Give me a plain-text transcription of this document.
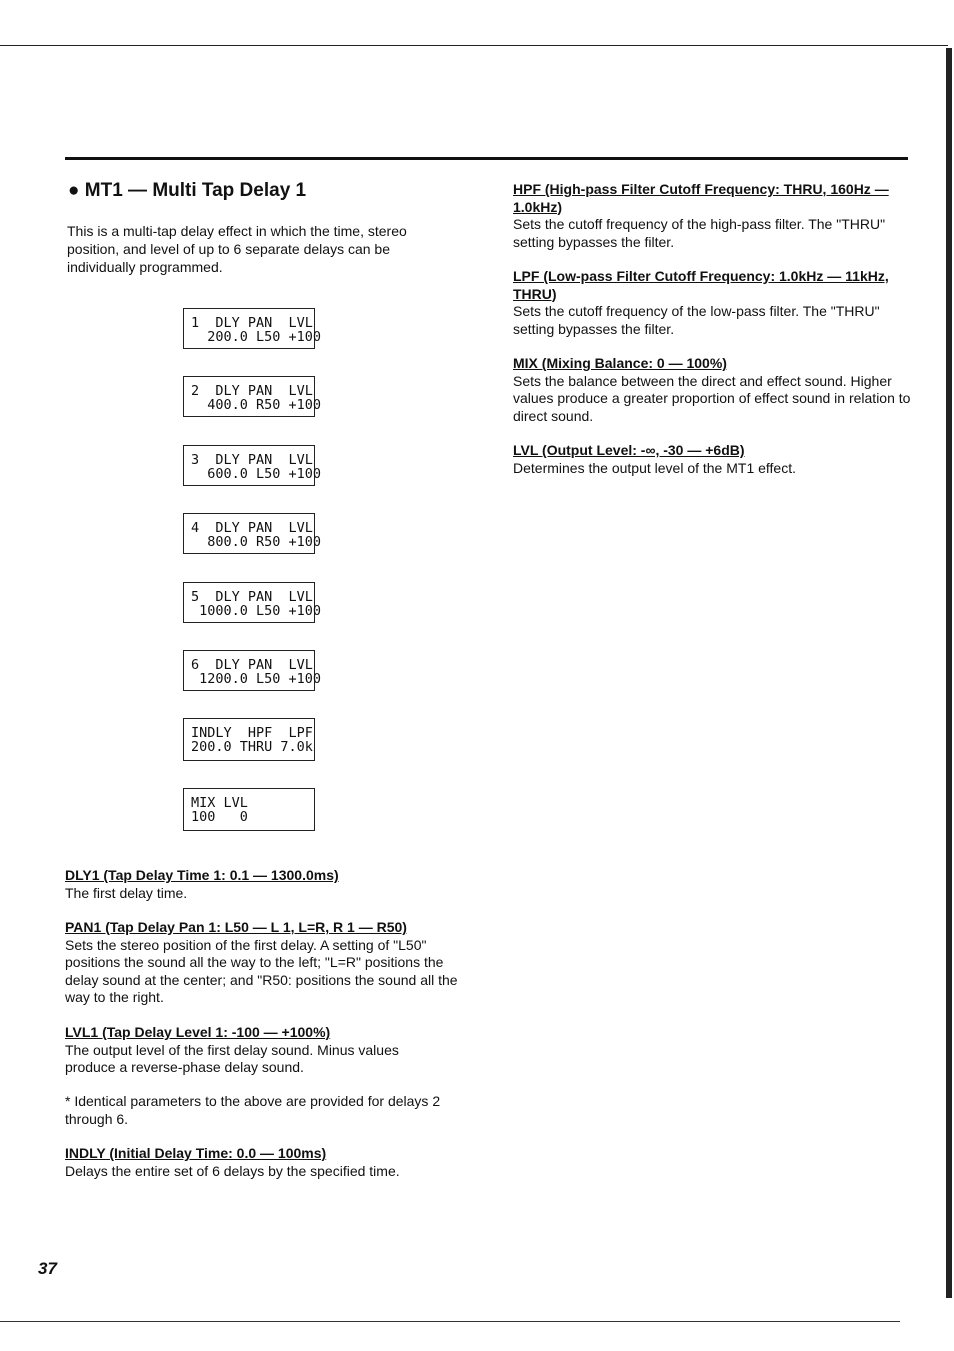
● MT1 — Multi Tap Delay 1
This is a multi-tap delay effect in which the time, stereo position, and level of up to 6 separate delays can be individually programmed.
1  DLY PAN  LVL
200.0 L50 +100
2  DLY PAN  LVL
400.0 R50 +100
3  DLY PAN  LVL
600.0 L50 +100
4  DLY PAN  LVL
800.0 R50 +100
5  DLY PAN  LVL
1000.0 L50 +100
6  DLY PAN  LVL
1200.0 L50 +100
INDLY  HPF  LPF
200.0 THRU 7.0k
MIX LVL
100   0
DLY1 (Tap Delay Time 1: 0.1 — 1300.0ms)
The first delay time.
PAN1 (Tap Delay Pan 1: L50 — L 1, L=R, R 1 — R50)
Sets the stereo position of the first delay. A setting of "L50" positions the sound all the way to the left; "L=R" positions the delay sound at the center; and "R50: positions the sound all the way to the right.
LVL1 (Tap Delay Level 1: -100 — +100%)
The output level of the first delay sound. Minus values produce a reverse-phase delay sound.
* Identical parameters to the above are provided for delays 2 through 6.
INDLY (Initial Delay Time: 0.0 — 100ms)
Delays the entire set of 6 delays by the specified time.
HPF (High-pass Filter Cutoff Frequency: THRU, 160Hz — 1.0kHz)
Sets the cutoff frequency of the high-pass filter. The "THRU" setting bypasses the filter.
LPF (Low-pass Filter Cutoff Frequency: 1.0kHz — 11kHz, THRU)
Sets the cutoff frequency of the low-pass filter. The "THRU" setting bypasses the filter.
MIX (Mixing Balance: 0 — 100%)
Sets the balance between the direct and effect sound. Higher values produce a greater proportion of effect sound in relation to direct sound.
LVL (Output Level: -∞, -30 — +6dB)
Determines the output level of the MT1 effect.
37
